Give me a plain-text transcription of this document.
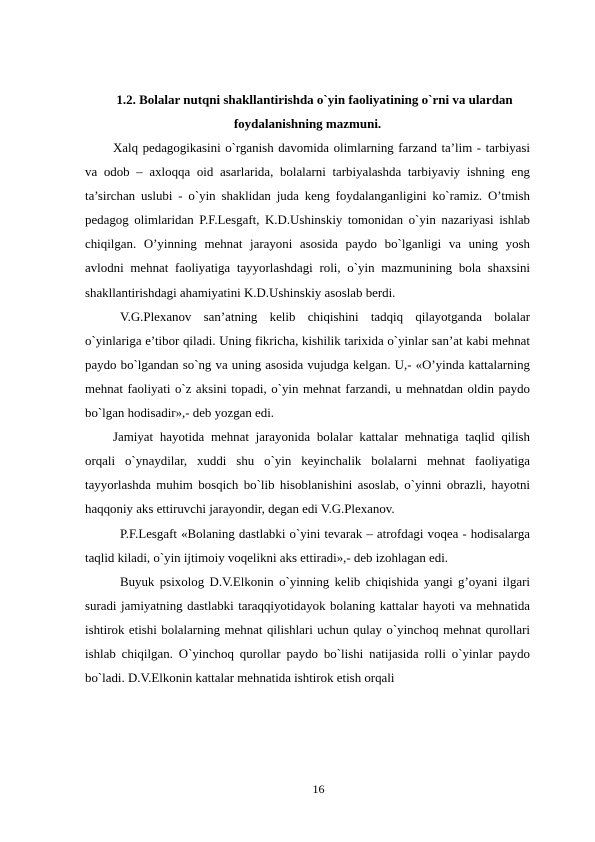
1.2. Bolalar nutqni shakllantirishda o`yin faoliyatining o`rni va ulardan
foydalanishning mazmuni.

Xalq pedagogikasini o`rganish davomida olimlarning farzand ta’lim - tarbiyasi va odob – axloqqa oid asarlarida, bolalarni tarbiyalashda tarbiyaviy ishning eng ta’sirchan uslubi - o`yin shaklidan juda keng foydalanganligini ko`ramiz. O’tmish pedagog olimlaridan P.F.Lesgaft, K.D.Ushinskiy tomonidan o`yin nazariyasi ishlab chiqilgan. O’yinning mehnat jarayoni asosida paydo bo`lganligi va uning yosh avlodni mehnat faoliyatiga tayyorlashdagi roli, o`yin mazmunining bola shaxsini shakllantirishdagi ahamiyatini K.D.Ushinskiy asoslab berdi.

V.G.Plexanov san’atning kelib chiqishini tadqiq qilayotganda bolalar o`yinlariga e’tibor qiladi. Uning fikricha, kishilik tarixida o`yinlar san’at kabi mehnat paydo bo`lgandan so`ng va uning asosida vujudga kelgan. U,- «O’yinda kattalarning mehnat faoliyati o`z aksini topadi, o`yin mehnat farzandi, u mehnatdan oldin paydo bo`lgan hodisadir»,- deb yozgan edi.

Jamiyat hayotida mehnat jarayonida bolalar kattalar mehnatiga taqlid qilish orqali o`ynaydilar, xuddi shu o`yin keyinchalik bolalarni mehnat faoliyatiga tayyorlashda muhim bosqich bo`lib hisoblanishini asoslab, o`yinni obrazli, hayotni haqqoniy aks ettiruvchi jarayondir, degan edi V.G.Plexanov.

P.F.Lesgaft «Bolaning dastlabki o`yini tevarak – atrofdagi voqea - hodisalarga taqlid kiladi, o`yin ijtimoiy voqelikni aks ettiradi»,- deb izohlagan edi.

Buyuk psixolog D.V.Elkonin o`yinning kelib chiqishida yangi g’oyani ilgari suradi jamiyatning dastlabki taraqqiyotidayok bolaning kattalar hayoti va mehnatida ishtirok etishi bolalarning mehnat qilishlari uchun qulay o`yinchoq mehnat qurollari ishlab chiqilgan. O`yinchoq qurollar paydo bo`lishi natijasida rolli o`yinlar paydo bo`ladi. D.V.Elkonin kattalar mehnatida ishtirok etish orqali

16
